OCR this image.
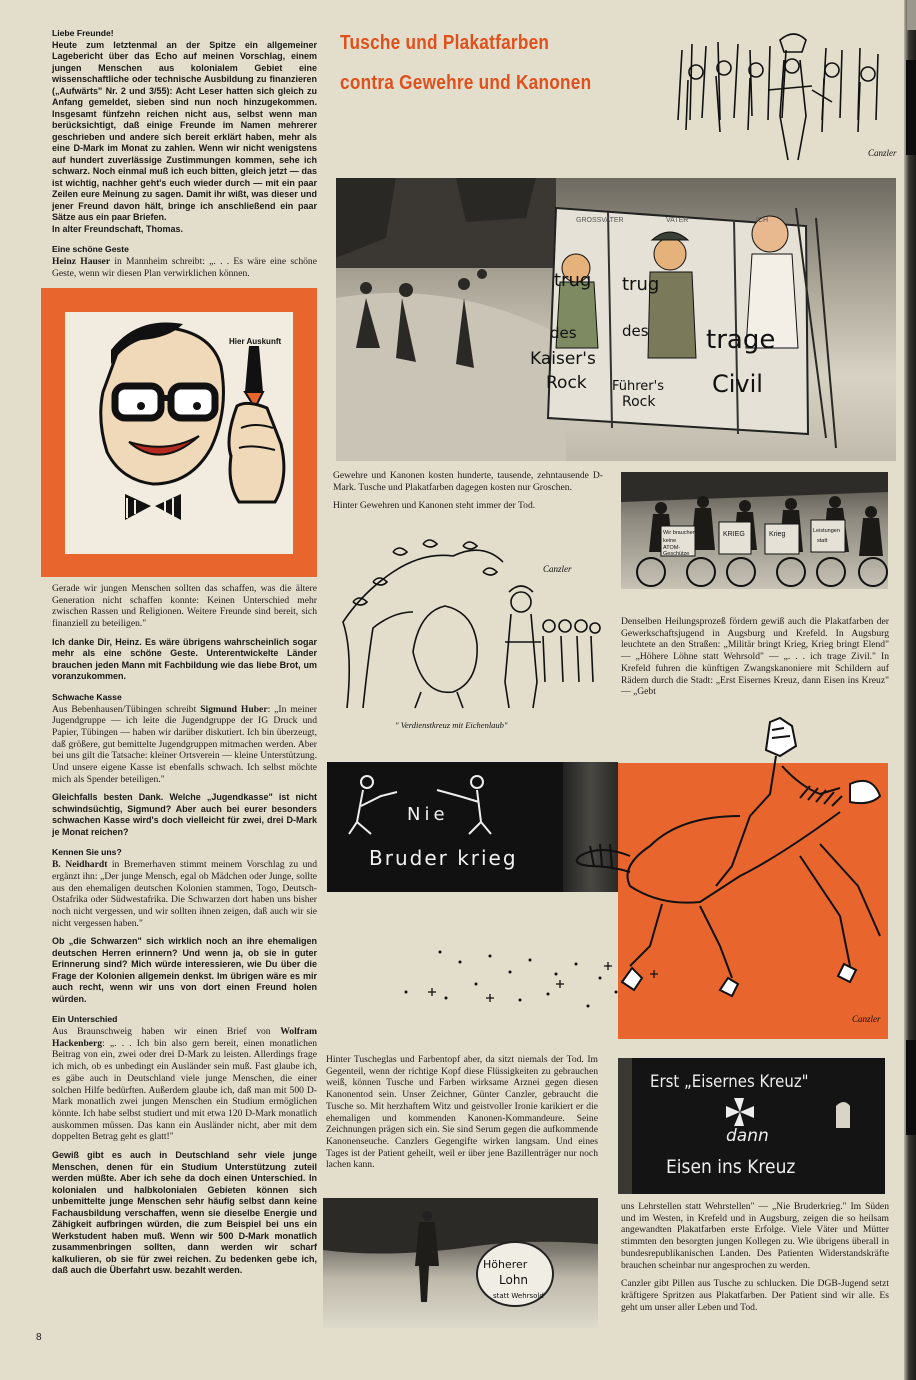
Liebe Freunde!

Heute zum letztenmal an der Spitze ein allgemeiner Lagebericht über das Echo auf meinen Vorschlag, einem jungen Menschen aus kolonialem Gebiet eine wissenschaftliche oder technische Ausbildung zu finanzieren („Aufwärts" Nr. 2 und 3/55): Acht Leser hatten sich gleich zu Anfang gemeldet, sieben sind nun noch hinzugekommen. Insgesamt fünfzehn reichen nicht aus, selbst wenn man berücksichtigt, daß einige Freunde im Namen mehrerer geschrieben und andere sich bereit erklärt haben, mehr als eine D-Mark im Monat zu zahlen. Wenn wir nicht wenigstens auf hundert zuverlässige Zustimmungen kommen, sehe ich schwarz. Noch einmal muß ich euch bitten, gleich jetzt — das ist wichtig, nachher geht's euch wieder durch — mit ein paar Zeilen eure Meinung zu sagen. Damit ihr wißt, was dieser und jener Freund davon hält, bringe ich anschließend ein paar Sätze aus ein paar Briefen.

In alter Freundschaft, Thomas.

Eine schöne Geste

Heinz Hauser in Mannheim schreibt: „. . . Es wäre eine schöne Geste, wenn wir diesen Plan verwirklichen können.

Hier Auskunft

Gerade wir jungen Menschen sollten das schaffen, was die ältere Generation nicht schaffen konnte: Keinen Unterschied mehr zwischen Rassen und Religionen. Weitere Freunde sind bereit, sich finanziell zu beteiligen."

Ich danke Dir, Heinz. Es wäre übrigens wahrscheinlich sogar mehr als eine schöne Geste. Unterentwickelte Länder brauchen jeden Mann mit Fachbildung wie das liebe Brot, um voranzukommen.

Schwache Kasse

Aus Bebenhausen/Tübingen schreibt Sigmund Huber: „In meiner Jugendgruppe — ich leite die Jugendgruppe der IG Druck und Papier, Tübingen — haben wir darüber diskutiert. Ich bin überzeugt, daß größere, gut bemittelte Jugendgruppen mitmachen werden. Aber bei uns gilt die Tatsache: kleiner Ortsverein — kleine Unterstützung. Und unsere eigene Kasse ist ebenfalls schwach. Ich selbst möchte mich als Spender beteiligen."

Gleichfalls besten Dank. Welche „Jugendkasse" ist nicht schwindsüchtig, Sigmund? Aber auch bei eurer besonders schwachen Kasse wird's doch vielleicht für zwei, drei D-Mark je Monat reichen?

Kennen Sie uns?

B. Neidhardt in Bremerhaven stimmt meinem Vorschlag zu und ergänzt ihn: „Der junge Mensch, egal ob Mädchen oder Junge, sollte aus den ehemaligen deutschen Kolonien stammen, Togo, Deutsch-Ostafrika oder Südwestafrika. Die Schwarzen dort haben uns bisher noch nicht vergessen, und wir sollten ihnen zeigen, daß auch wir sie nicht vergessen haben."

Ob „die Schwarzen" sich wirklich noch an ihre ehemaligen deutschen Herren erinnern? Und wenn ja, ob sie in guter Erinnerung sind? Mich würde interessieren, wie Du über die Frage der Kolonien allgemein denkst. Im übrigen wäre es mir auch recht, wenn wir uns von dort einen Freund holen würden.

Ein Unterschied

Aus Braunschweig haben wir einen Brief von Wolfram Hackenberg: „. . . Ich bin also gern bereit, einen monatlichen Beitrag von ein, zwei oder drei D-Mark zu leisten. Allerdings frage ich mich, ob es unbedingt ein Ausländer sein muß. Fast glaube ich, es gäbe auch in Deutschland viele junge Menschen, die einer solchen Hilfe bedürften. Außerdem glaube ich, daß man mit 500 D-Mark monatlich zwei jungen Menschen ein Studium ermöglichen könnte. Ich habe selbst studiert und mit etwa 120 D-Mark monatlich auskommen müssen. Das kann ein Ausländer nicht, aber mit dem doppelten Betrag geht es glatt!"

Gewiß gibt es auch in Deutschland sehr viele junge Menschen, denen für ein Studium Unterstützung zuteil werden müßte. Aber ich sehe da doch einen Unterschied. In kolonialen und halbkolonialen Gebieten können sich unbemittelte junge Menschen sehr häufig selbst dann keine Fachausbildung verschaffen, wenn sie dieselbe Energie und Zähigkeit aufbringen würden, die zum Beispiel bei uns ein Werkstudent haben muß. Wenn wir 500 D-Mark monatlich zusammenbringen sollten, dann werden wir scharf kalkulieren, ob sie für zwei reichen. Zu bedenken gebe ich, daß auch die Überfahrt usw. bezahlt werden.

8
Tusche und Plakatfarben
contra Gewehre und Kanonen
Canzler
GROSSVATER	VATER	ICH
trug
des
Kaiser's
Rock
trug
des
Führer's
Rock
trage
Civil

Gewehre und Kanonen kosten hunderte, tausende, zehntausende D-Mark. Tusche und Plakatfarben dagegen kosten nur Groschen.

Hinter Gewehren und Kanonen steht immer der Tod.

Canzler
" Verdienstkreuz mit Eichenlaub"
Nie
Bruder krieg

Hinter Tuscheglas und Farbentopf aber, da sitzt niemals der Tod. Im Gegenteil, wenn der richtige Kopf diese Flüssigkeiten zu gebrauchen weiß, können Tusche und Farben wirksame Arznei gegen diesen Kanonentod sein. Unser Zeichner, Günter Canzler, gebraucht die Tusche so. Mit herzhaftem Witz und geistvoller Ironie karikiert er die ehemaligen und kommenden Kanonen-Kommandeure. Seine Zeichnungen prägen sich ein. Sie sind Serum gegen die aufkommende Kanonenseuche. Canzlers Gegengifte wirken langsam. Und eines Tages ist der Patient geheilt, weil er über jene Bazillenträger nur noch lachen kann.

Höherer
Lohn
statt Wehrsold
Wir brauchen
keine
ATOM-
Geschütze
KRIEG	Krieg	Leistungen
statt

Denselben Heilungsprozeß fördern gewiß auch die Plakatfarben der Gewerkschaftsjugend in Augsburg und Krefeld. In Augsburg leuchtete an den Straßen: „Militär bringt Krieg, Krieg bringt Elend" — „Höhere Löhne statt Wehrsold" — „. . . ich trage Zivil." In Krefeld fuhren die künftigen Zwangskanoniere mit Schildern auf Rädern durch die Stadt: „Erst Eisernes Kreuz, dann Eisen ins Kreuz" — „Gebt

Canzler
Erst „Eisernes Kreuz"
dann
Eisen ins Kreuz

uns Lehrstellen statt Wehrstellen" — „Nie Bruderkrieg." Im Süden und im Westen, in Krefeld und in Augsburg, zeigen die so heilsam angewandten Plakatfarben erste Erfolge. Viele Väter und Mütter stimmten den besorgten jungen Kollegen zu. Wie übrigens überall in bundesrepublikanischen Landen. Des Patienten Widerstandskräfte brauchen scheinbar nur angesprochen zu werden.

Canzler gibt Pillen aus Tusche zu schlucken. Die DGB-Jugend setzt kräftigere Spritzen aus Plakatfarben. Der Patient sind wir alle. Es geht um unser aller Leben und Tod.
